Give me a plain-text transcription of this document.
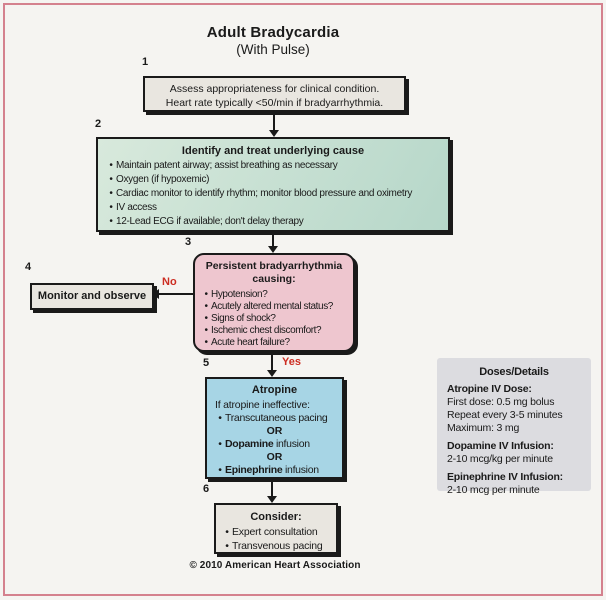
Adult Bradycardia
(With Pulse)
1
Assess appropriateness for clinical condition.
Heart rate typically <50/min if bradyarrhythmia.
2
Identify and treat underlying cause
• Maintain patent airway; assist breathing as necessary
• Oxygen (if hypoxemic)
• Cardiac monitor to identify rhythm; monitor blood pressure and oximetry
• IV access
• 12-Lead ECG if available; don't delay therapy
3
Persistent bradyarrhythmia causing:
• Hypotension?
• Acutely altered mental status?
• Signs of shock?
• Ischemic chest discomfort?
• Acute heart failure?
No
4
Monitor and observe
Yes
5
Atropine
If atropine ineffective:
• Transcutaneous pacing
OR
• Dopamine infusion
OR
• Epinephrine infusion
6
Consider:
• Expert consultation
• Transvenous pacing
Doses/Details
Atropine IV Dose:
First dose: 0.5 mg bolus
Repeat every 3-5 minutes
Maximum: 3 mg
Dopamine IV Infusion:
2-10 mcg/kg per minute
Epinephrine IV Infusion:
2-10 mcg per minute
© 2010 American Heart Association
